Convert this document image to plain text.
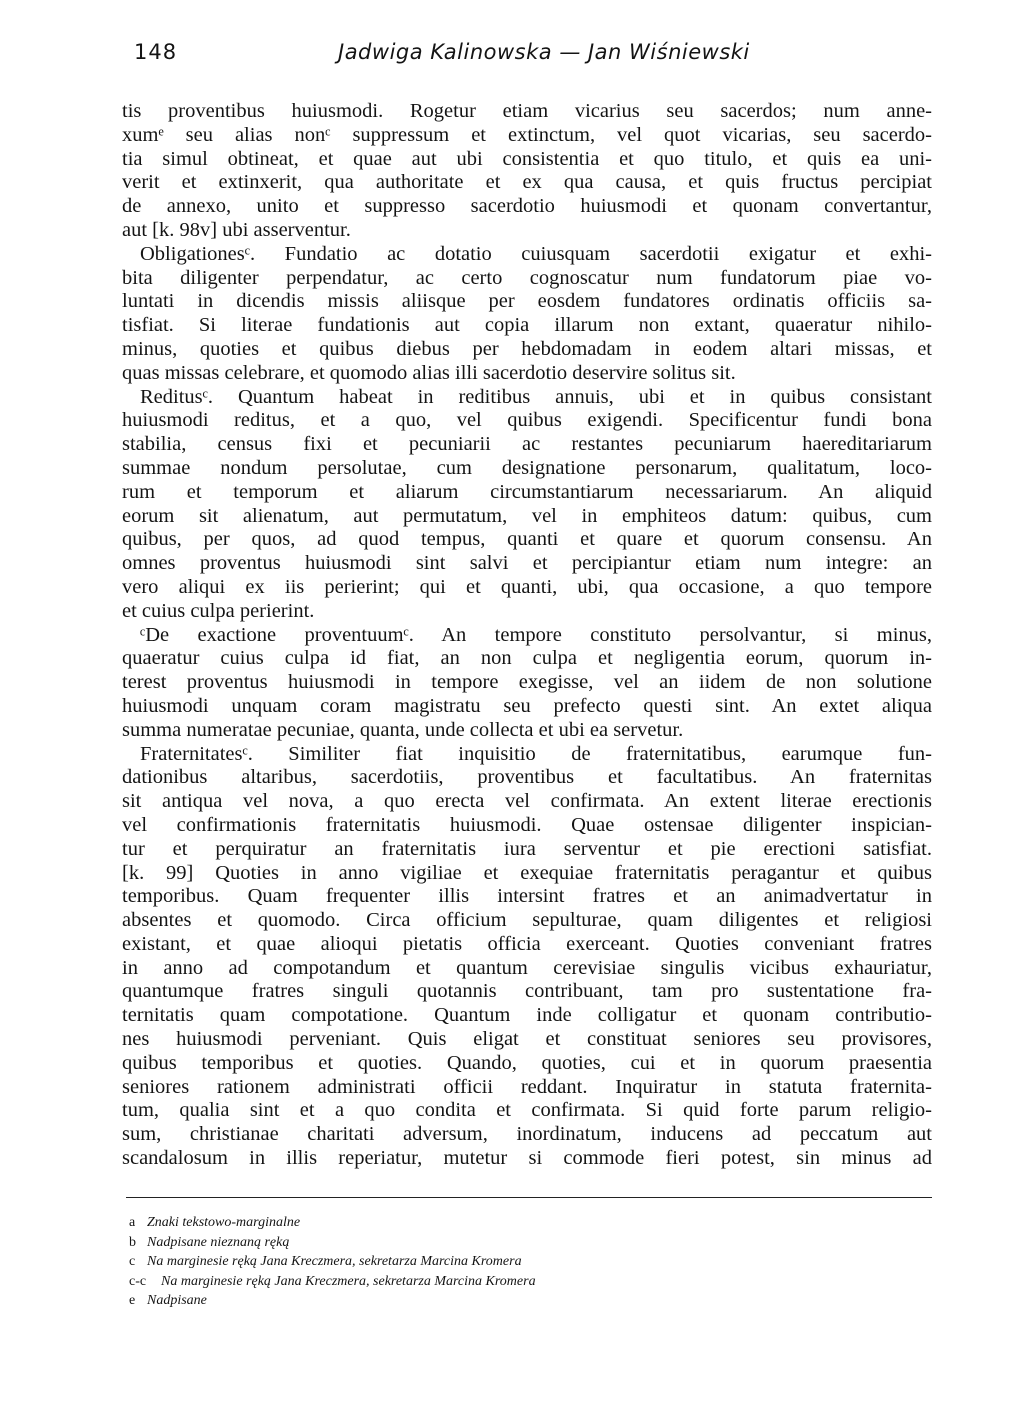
148	Jadwiga Kalinowska — Jan Wiśniewski
tis proventibus huiusmodi. Rogetur etiam vicarius seu sacerdos; num anne-
xumᵉ seu alias nonᶜ suppressum et extinctum, vel quot vicarias, seu sacerdo-
tia simul obtineat, et quae aut ubi consistentia et quo titulo, et quis ea uni-
verit et extinxerit, qua authoritate et ex qua causa, et quis fructus percipiat
de annexo, unito et suppresso sacerdotio huiusmodi et quonam convertantur,
aut [k. 98v] ubi asserventur.
Obligationesᶜ. Fundatio ac dotatio cuiusquam sacerdotii exigatur et exhi-
bita diligenter perpendatur, ac certo cognoscatur num fundatorum piae vo-
luntati in dicendis missis aliisque per eosdem fundatores ordinatis officiis sa-
tisfiat. Si literae fundationis aut copia illarum non extant, quaeratur nihilo-
minus, quoties et quibus diebus per hebdomadam in eodem altari missas, et
quas missas celebrare, et quomodo alias illi sacerdotio deservire solitus sit.
Reditusᶜ. Quantum habeat in reditibus annuis, ubi et in quibus consistant
huiusmodi reditus, et a quo, vel quibus exigendi. Specificentur fundi bona
stabilia, census fixi et pecuniarii ac restantes pecuniarum haereditariarum
summae nondum persolutae, cum designatione personarum, qualitatum, loco-
rum et temporum et aliarum circumstantiarum necessariarum. An aliquid
eorum sit alienatum, aut permutatum, vel in emphiteos datum: quibus, cum
quibus, per quos, ad quod tempus, quanti et quare et quorum consensu. An
omnes proventus huiusmodi sint salvi et percipiantur etiam num integre: an
vero aliqui ex iis perierint; qui et quanti, ubi, qua occasione, a quo tempore
et cuius culpa perierint.
ᶜDe exactione proventuumᶜ. An tempore constituto persolvantur, si minus,
quaeratur cuius culpa id fiat, an non culpa et negligentia eorum, quorum in-
terest proventus huiusmodi in tempore exegisse, vel an iidem de non solutione
huiusmodi unquam coram magistratu seu prefecto questi sint. An extet aliqua
summa numeratae pecuniae, quanta, unde collecta et ubi ea servetur.
Fraternitatesᶜ. Similiter fiat inquisitio de fraternitatibus, earumque fun-
dationibus altaribus, sacerdotiis, proventibus et facultatibus. An fraternitas
sit antiqua vel nova, a quo erecta vel confirmata. An extent literae erectionis
vel confirmationis fraternitatis huiusmodi. Quae ostensae diligenter inspician-
tur et perquiratur an fraternitatis iura serventur et pie erectioni satisfiat.
[k. 99] Quoties in anno vigiliae et exequiae fraternitatis peragantur et quibus
temporibus. Quam frequenter illis intersint fratres et an animadvertatur in
absentes et quomodo. Circa officium sepulturae, quam diligentes et religiosi
existant, et quae alioqui pietatis officia exerceant. Quoties conveniant fratres
in anno ad compotandum et quantum cerevisiae singulis vicibus exhauriatur,
quantumque fratres singuli quotannis contribuant, tam pro sustentatione fra-
ternitatis quam compotatione. Quantum inde colligatur et quonam contributio-
nes huiusmodi perveniant. Quis eligat et constituat seniores seu provisores,
quibus temporibus et quoties. Quando, quoties, cui et in quorum praesentia
seniores rationem administrati officii reddant. Inquiratur in statuta fraternita-
tum, qualia sint et a quo condita et confirmata. Si quid forte parum religio-
sum, christianae charitati adversum, inordinatum, inducens ad peccatum aut
scandalosum in illis reperiatur, mutetur si commode fieri potest, sin minus ad
a Znaki tekstowo-marginalne
b Nadpisane nieznaną ręką
c Na marginesie ręką Jana Kreczmera, sekretarza Marcina Kromera
c-c Na marginesie ręką Jana Kreczmera, sekretarza Marcina Kromera
e Nadpisane
